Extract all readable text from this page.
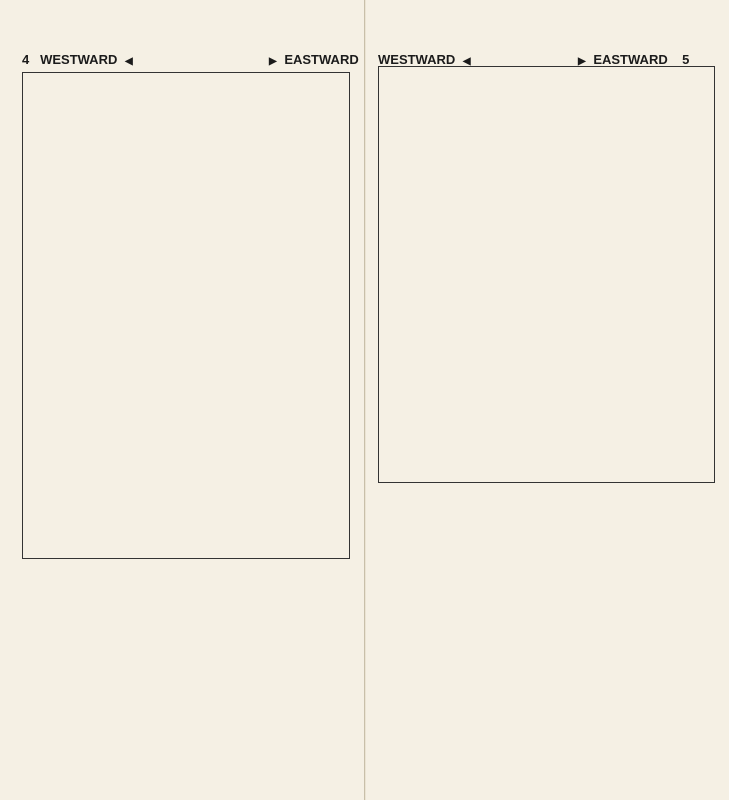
4 WESTWARD ◀	▶ EASTWARD WESTWARD ◀	▶ EASTWARD 5
